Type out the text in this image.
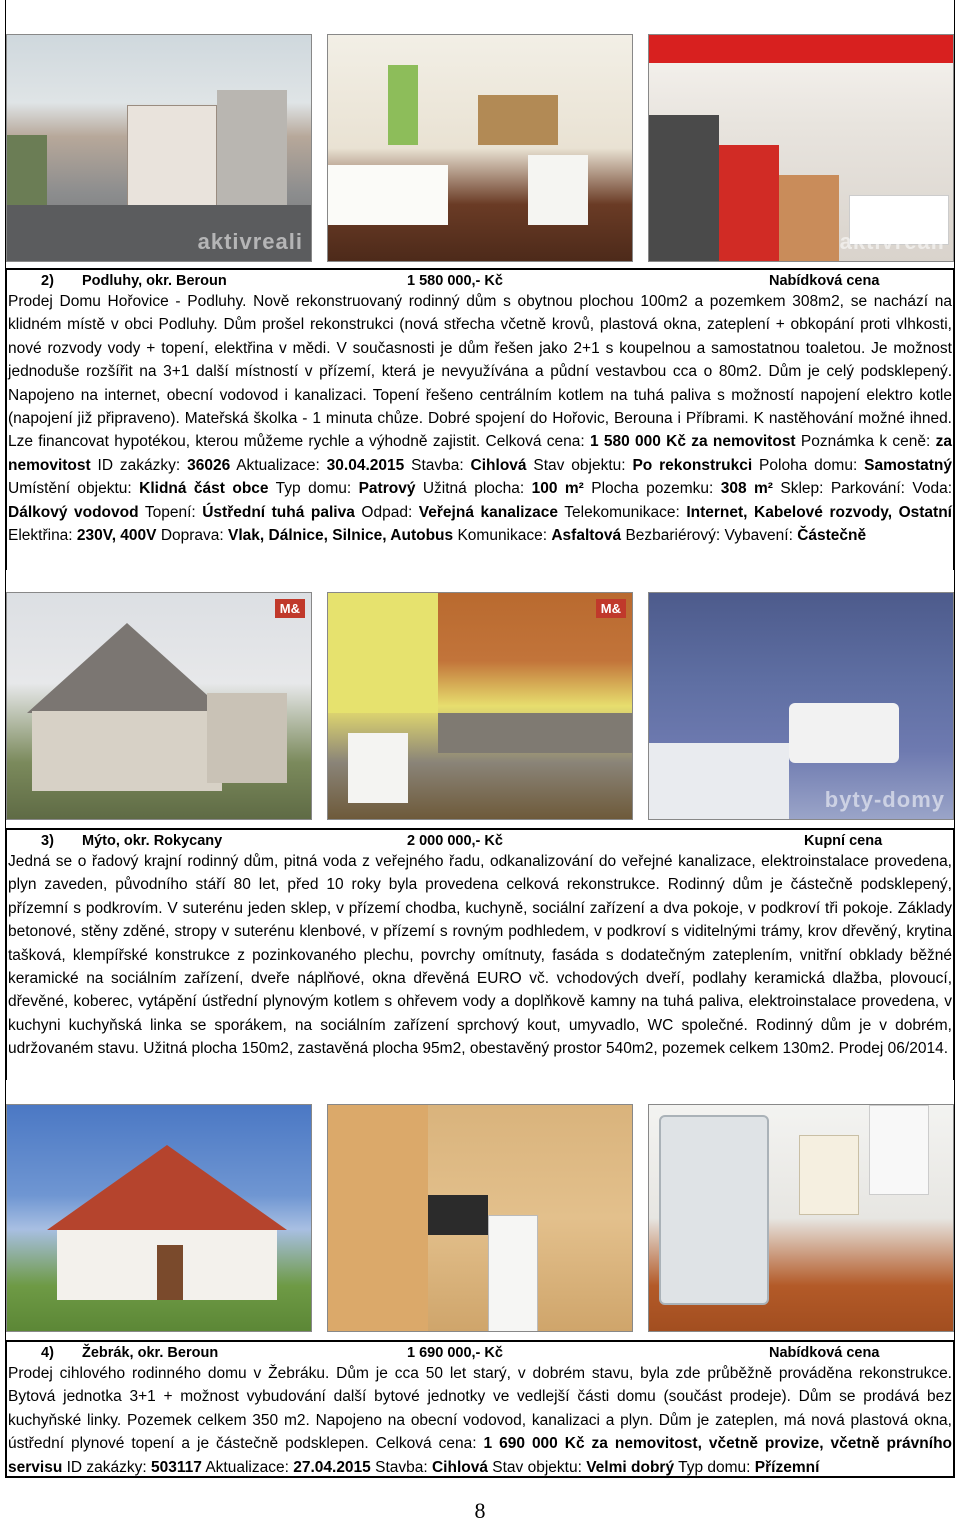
aktivreali	aktivreali
2) Podluhy, okr. Beroun	1 580 000,- Kč	Nabídková cena
Prodej Domu Hořovice - Podluhy. Nově rekonstruovaný rodinný dům s obytnou plochou 100m2 a pozemkem 308m2, se nachází na klidném místě v obci Podluhy. Dům prošel rekonstrukci (nová střecha včetně krovů, plastová okna, zateplení + obkopání proti vlhkosti, nové rozvody vody + topení, elektřina v mědi. V současnosti je dům řešen jako 2+1 s koupelnou a samostatnou toaletou. Je možnost jednoduše rozšířit na 3+1 další místností v přízemí, která je nevyužívána a půdní vestavbou cca o 80m2. Dům je celý podsklepený. Napojeno na internet, obecní vodovod i kanalizaci. Topení řešeno centrálním kotlem na tuhá paliva s možností napojení elektro kotle (napojení již připraveno). Mateřská školka - 1 minuta chůze. Dobré spojení do Hořovic, Berouna i Příbrami. K nastěhování možné ihned. Lze financovat hypotékou, kterou můžeme rychle a výhodně zajistit. Celková cena: 1 580 000 Kč za nemovitost Poznámka k ceně: za nemovitost ID zakázky: 36026 Aktualizace: 30.04.2015 Stavba: Cihlová Stav objektu: Po rekonstrukci Poloha domu: Samostatný Umístění objektu: Klidná část obce Typ domu: Patrový Užitná plocha: 100 m² Plocha pozemku: 308 m² Sklep: Parkování: Voda: Dálkový vodovod Topení: Ústřední tuhá paliva Odpad: Veřejná kanalizace Telekomunikace: Internet, Kabelové rozvody, Ostatní Elektřina: 230V, 400V Doprava: Vlak, Dálnice, Silnice, Autobus Komunikace: Asfaltová Bezbariérový: Vybavení: Částečně
M&	M&
byty-domy
3) Mýto, okr. Rokycany	2 000 000,- Kč	Kupní cena
Jedná se o řadový krajní rodinný dům, pitná voda z veřejného řadu, odkanalizování do veřejné kanalizace, elektroinstalace provedena, plyn zaveden, původního stáří 80 let, před 10 roky byla provedena celková rekonstrukce. Rodinný dům je částečně podsklepený, přízemní s podkrovím. V suterénu jeden sklep, v přízemí chodba, kuchyně, sociální zařízení a dva pokoje, v podkroví tři pokoje. Základy betonové, stěny zděné, stropy v suterénu klenbové, v přízemí s rovným podhledem, v podkroví s viditelnými trámy, krov dřevěný, krytina tašková, klempířské konstrukce z pozinkovaného plechu, povrchy omítnuty, fasáda s dodatečným zateplením, vnitřní obklady běžné keramické na sociálním zařízení, dveře náplňové, okna dřevěná EURO vč. vchodových dveří, podlahy keramická dlažba, plovoucí, dřevěné, koberec, vytápění ústřední plynovým kotlem s ohřevem vody a doplňkově kamny na tuhá paliva, elektroinstalace provedena, v kuchyni kuchyňská linka se sporákem, na sociálním zařízení sprchový kout, umyvadlo, WC společné. Rodinný dům je v dobrém, udržovaném stavu. Užitná plocha 150m2, zastavěná plocha 95m2, obestavěný prostor 540m2, pozemek celkem 130m2. Prodej 06/2014.
4) Žebrák, okr. Beroun	1 690 000,- Kč	Nabídková cena
Prodej cihlového rodinného domu v Žebráku. Dům je cca 50 let starý, v dobrém stavu, byla zde průběžně prováděna rekonstrukce. Bytová jednotka 3+1 + možnost vybudování další bytové jednotky ve vedlejší části domu (součást prodeje). Dům se prodává bez kuchyňské linky. Pozemek celkem 350 m2. Napojeno na obecní vodovod, kanalizaci a plyn. Dům je zateplen, má nová plastová okna, ústřední plynové topení a je částečně podsklepen. Celková cena: 1 690 000 Kč za nemovitost, včetně provize, včetně právního servisu ID zakázky: 503117 Aktualizace: 27.04.2015 Stavba: Cihlová Stav objektu: Velmi dobrý Typ domu: Přízemní
8
